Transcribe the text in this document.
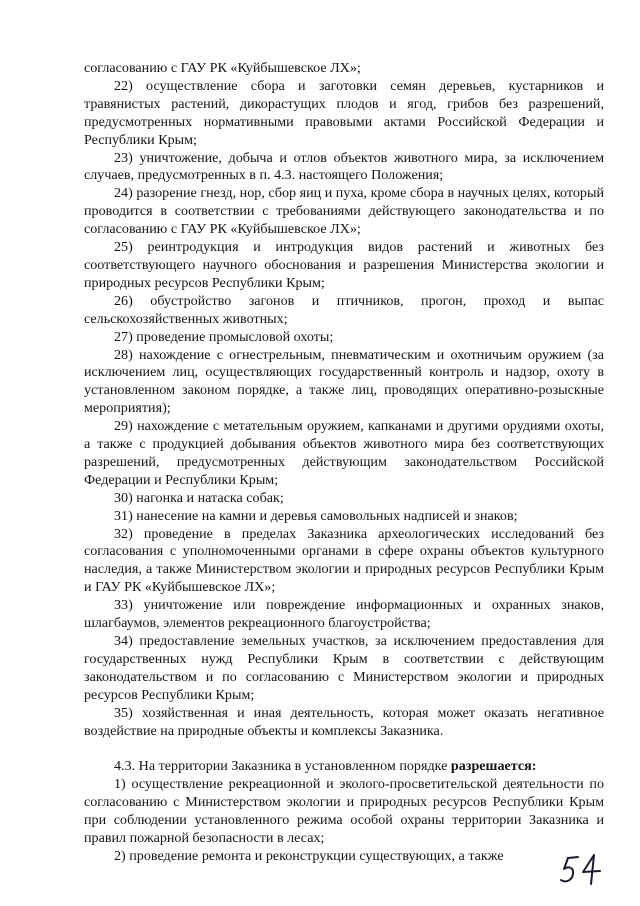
согласованию с ГАУ РК «Куйбышевское ЛХ»;

22) осуществление сбора и заготовки семян деревьев, кустарников и травянистых растений, дикорастущих плодов и ягод, грибов без разрешений, предусмотренных нормативными правовыми актами Российской Федерации и Республики Крым;

23) уничтожение, добыча и отлов объектов животного мира, за исключением случаев, предусмотренных в п. 4.3. настоящего Положения;

24) разорение гнезд, нор, сбор яиц и пуха, кроме сбора в научных целях, который проводится в соответствии с требованиями действующего законодательства и по согласованию с ГАУ РК «Куйбышевское ЛХ»;

25) реинтродукция и интродукция видов растений и животных без соответствующего научного обоснования и разрешения Министерства экологии и природных ресурсов Республики Крым;

26) обустройство загонов и птичников, прогон, проход и выпас сельскохозяйственных животных;

27) проведение промысловой охоты;

28) нахождение с огнестрельным, пневматическим и охотничьим оружием (за исключением лиц, осуществляющих государственный контроль и надзор, охоту в установленном законом порядке, а также лиц, проводящих оперативно-розыскные мероприятия);

29) нахождение с метательным оружием, капканами и другими орудиями охоты, а также с продукцией добывания объектов животного мира без соответствующих разрешений, предусмотренных действующим законодательством Российской Федерации и Республики Крым;

30) нагонка и натаска собак;

31) нанесение на камни и деревья самовольных надписей и знаков;

32) проведение в пределах Заказника археологических исследований без согласования с уполномоченными органами в сфере охраны объектов культурного наследия, а также Министерством экологии и природных ресурсов Республики Крым и ГАУ РК «Куйбышевское ЛХ»;

33) уничтожение или повреждение информационных и охранных знаков, шлагбаумов, элементов рекреационного благоустройства;

34) предоставление земельных участков, за исключением предоставления для государственных нужд Республики Крым в соответствии с действующим законодательством и по согласованию с Министерством экологии и природных ресурсов Республики Крым;

35) хозяйственная и иная деятельность, которая может оказать негативное воздействие на природные объекты и комплексы Заказника.

4.3. На территории Заказника в установленном порядке разрешается:

1) осуществление рекреационной и эколого-просветительской деятельности по согласованию с Министерством экологии и природных ресурсов Республики Крым при соблюдении установленного режима особой охраны территории Заказника и правил пожарной безопасности в лесах;

2) проведение ремонта и реконструкции существующих, а также
